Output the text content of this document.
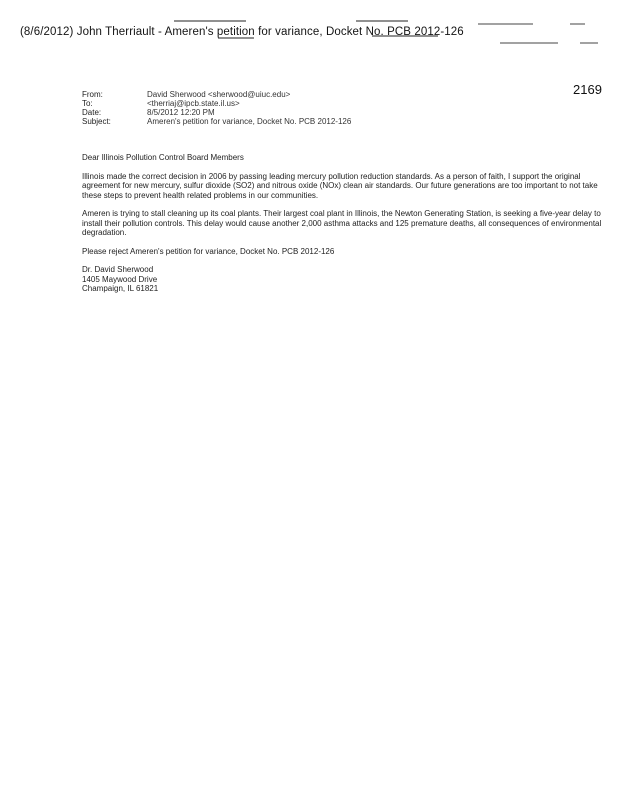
(8/6/2012) John Therriault - Ameren's petition for variance, Docket No. PCB 2012-126
2169
From:	David Sherwood <sherwood@uiuc.edu>
To:	<therriaj@ipcb.state.il.us>
Date:	8/5/2012 12:20 PM
Subject:	Ameren's petition for variance, Docket No. PCB 2012-126

Dear Illinois Pollution Control Board Members

Illinois made the correct decision in 2006 by passing leading mercury pollution reduction standards. As a person of faith, I support the original agreement for new mercury, sulfur dioxide (SO2) and nitrous oxide (NOx) clean air standards. Our future generations are too important to not take these steps to prevent health related problems in our communities.

Ameren is trying to stall cleaning up its coal plants. Their largest coal plant in Illinois, the Newton Generating Station, is seeking a five-year delay to install their pollution controls. This delay would cause another 2,000 asthma attacks and 125 premature deaths, all consequences of environmental degradation.

Please reject Ameren's petition for variance, Docket No. PCB 2012-126

Dr. David Sherwood
1405 Maywood Drive
Champaign, IL 61821
